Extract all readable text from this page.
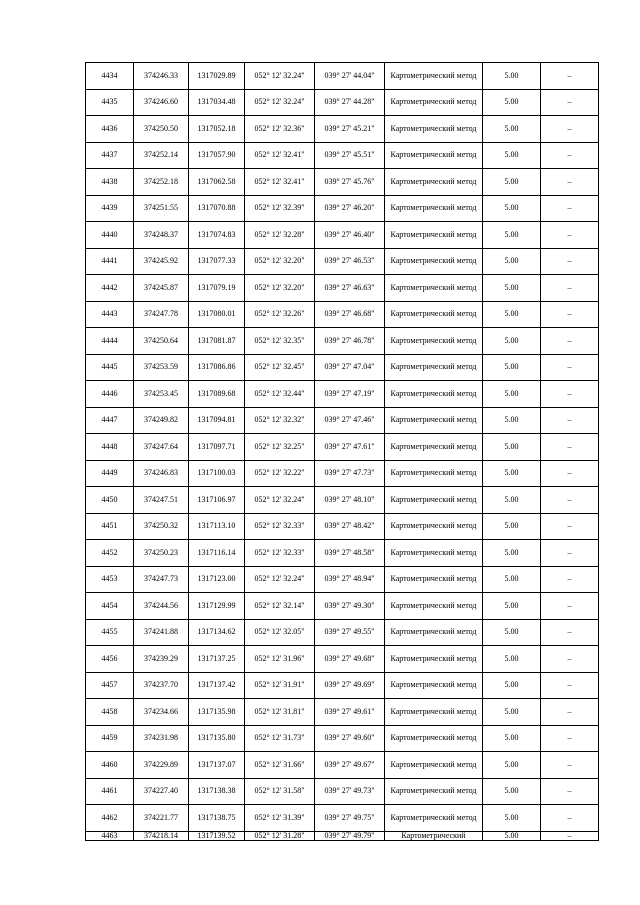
4434	374246.33	1317029.89	052° 12' 32.24"	039° 27' 44.04"	Картометрический метод	5.00	–
4435	374246.60	1317034.48	052° 12' 32.24"	039° 27' 44.28"	Картометрический метод	5.00	–
4436	374250.50	1317052.18	052° 12' 32.36"	039° 27' 45.21"	Картометрический метод	5.00	–
4437	374252.14	1317057.90	052° 12' 32.41"	039° 27' 45.51"	Картометрический метод	5.00	–
4438	374252.18	1317062.58	052° 12' 32.41"	039° 27' 45.76"	Картометрический метод	5.00	–
4439	374251.55	1317070.88	052° 12' 32.39"	039° 27' 46.20"	Картометрический метод	5.00	–
4440	374248.37	1317074.83	052° 12' 32.28"	039° 27' 46.40"	Картометрический метод	5.00	–
4441	374245.92	1317077.33	052° 12' 32.20"	039° 27' 46.53"	Картометрический метод	5.00	–
4442	374245.87	1317079.19	052° 12' 32.20"	039° 27' 46.63"	Картометрический метод	5.00	–
4443	374247.78	1317080.01	052° 12' 32.26"	039° 27' 46.68"	Картометрический метод	5.00	–
4444	374250.64	1317081.87	052° 12' 32.35"	039° 27' 46.78"	Картометрический метод	5.00	–
4445	374253.59	1317086.86	052° 12' 32.45"	039° 27' 47.04"	Картометрический метод	5.00	–
4446	374253.45	1317089.68	052° 12' 32.44"	039° 27' 47.19"	Картометрический метод	5.00	–
4447	374249.82	1317094.81	052° 12' 32.32"	039° 27' 47.46"	Картометрический метод	5.00	–
4448	374247.64	1317097.71	052° 12' 32.25"	039° 27' 47.61"	Картометрический метод	5.00	–
4449	374246.83	1317100.03	052° 12' 32.22"	039° 27' 47.73"	Картометрический метод	5.00	–
4450	374247.51	1317106.97	052° 12' 32.24"	039° 27' 48.10"	Картометрический метод	5.00	–
4451	374250.32	1317113.10	052° 12' 32.33"	039° 27' 48.42"	Картометрический метод	5.00	–
4452	374250.23	1317116.14	052° 12' 32.33"	039° 27' 48.58"	Картометрический метод	5.00	–
4453	374247.73	1317123.00	052° 12' 32.24"	039° 27' 48.94"	Картометрический метод	5.00	–
4454	374244.56	1317129.99	052° 12' 32.14"	039° 27' 49.30"	Картометрический метод	5.00	–
4455	374241.88	1317134.62	052° 12' 32.05"	039° 27' 49.55"	Картометрический метод	5.00	–
4456	374239.29	1317137.25	052° 12' 31.96"	039° 27' 49.68"	Картометрический метод	5.00	–
4457	374237.70	1317137.42	052° 12' 31.91"	039° 27' 49.69"	Картометрический метод	5.00	–
4458	374234.66	1317135.98	052° 12' 31.81"	039° 27' 49.61"	Картометрический метод	5.00	–
4459	374231.98	1317135.80	052° 12' 31.73"	039° 27' 49.60"	Картометрический метод	5.00	–
4460	374229.89	1317137.07	052° 12' 31.66"	039° 27' 49.67"	Картометрический метод	5.00	–
4461	374227.40	1317138.38	052° 12' 31.58"	039° 27' 49.73"	Картометрический метод	5.00	–
4462	374221.77	1317138.75	052° 12' 31.39"	039° 27' 49.75"	Картометрический метод	5.00	–
4463	374218.14	1317139.52	052° 12' 31.28"	039° 27' 49.79"	Картометрический	5.00	–
